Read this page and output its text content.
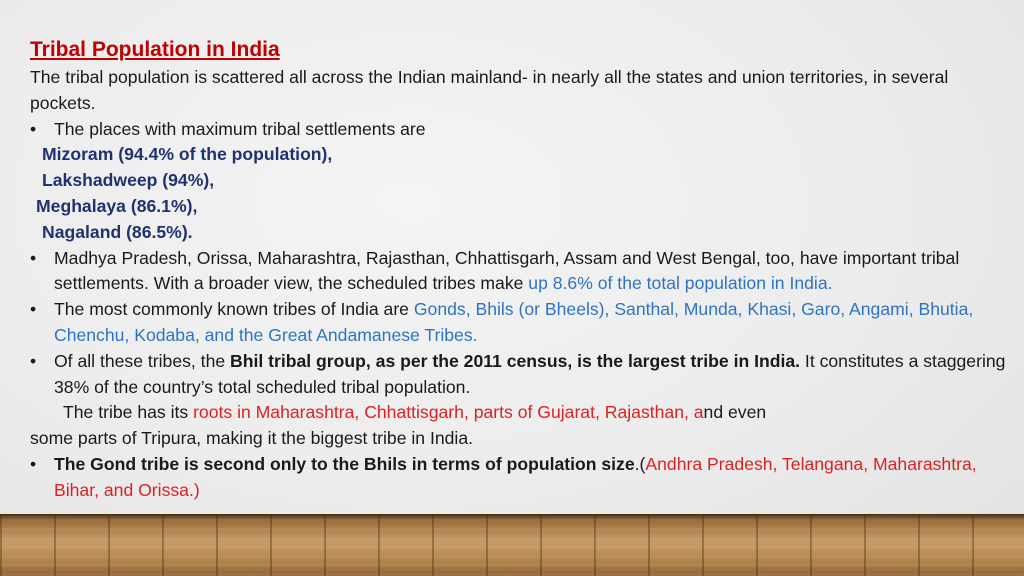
Tribal Population in India

The tribal population is scattered all across the Indian mainland- in nearly all the states and union territories, in several pockets.

• The places with maximum tribal settlements are

Mizoram (94.4% of the population),

Lakshadweep (94%),

Meghalaya (86.1%),

Nagaland (86.5%).

• Madhya Pradesh, Orissa, Maharashtra, Rajasthan, Chhattisgarh, Assam and West Bengal, too, have important tribal settlements. With a broader view, the scheduled tribes make up 8.6% of the total population in India.

• The most commonly known tribes of India are Gonds, Bhils (or Bheels), Santhal, Munda, Khasi, Garo, Angami, Bhutia, Chenchu, Kodaba, and the Great Andamanese Tribes.

• Of all these tribes, the Bhil tribal group, as per the 2011 census, is the largest tribe in India. It constitutes a staggering 38% of the country’s total scheduled tribal population.

The tribe has its roots in Maharashtra, Chhattisgarh, parts of Gujarat, Rajasthan, and even

some parts of Tripura, making it the biggest tribe in India.

• The Gond tribe is second only to the Bhils in terms of population size.(Andhra Pradesh, Telangana, Maharashtra, Bihar, and Orissa.)
